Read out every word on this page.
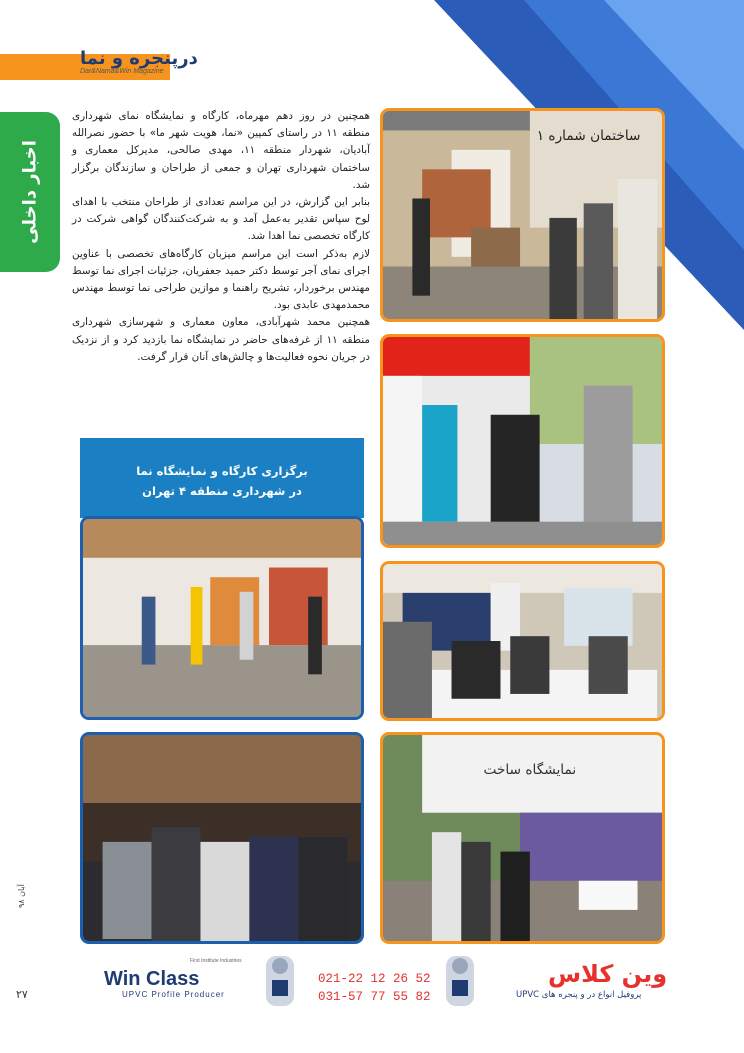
درپنجره و نما
Dar&Nama&Win Magazine
اخبار داخلی

همچنین در روز دهم مهرماه، کارگاه و نمایشگاه نمای شهرداری منطقه ۱۱ در راستای کمپین «نما، هویت شهر ما» با حضور نصرالله آبادیان، شهردار منطقه ۱۱، مهدی صالحی، مدیرکل معماری و ساختمان شهرداری تهران و جمعی از طراحان و سازندگان برگزار شد.

بنابر این گزارش، در این مراسم تعدادی از طراحان منتخب با اهدای لوح سپاس تقدیر به‌عمل آمد و به شرکت‌کنندگان گواهی شرکت در کارگاه تخصصی نما اهدا شد.

لازم به‌ذکر است این مراسم میزبان کارگاه‌های تخصصی با عناوین اجرای نمای آجر توسط دکتر حمید جعفریان، جزئیات اجرای نما توسط مهندس برخوردار، تشریح راهنما و موازین طراحی نما توسط مهندس محمدمهدی عابدی بود.

همچنین محمد شهرآبادی، معاون معماری و شهرسازی شهرداری منطقه ۱۱ از غرفه‌های حاضر در نمایشگاه نما بازدید کرد و از نزدیک در جریان نحوه فعالیت‌ها و چالش‌های آنان قرار گرفت.

ساختمان شماره ۱
برگزاری کارگاه و نمایشگاه نما
در شهرداری منطقه ۴ تهران
نمایشگاه ساخت
آبان ۹۸
۲۷
First Institute Industries
Win Class
UPVC Profile Producer
021-22 12 26 52
031-57 77 55 82
وین کلاس
پروفیل انواع در و پنجره های UPVC
